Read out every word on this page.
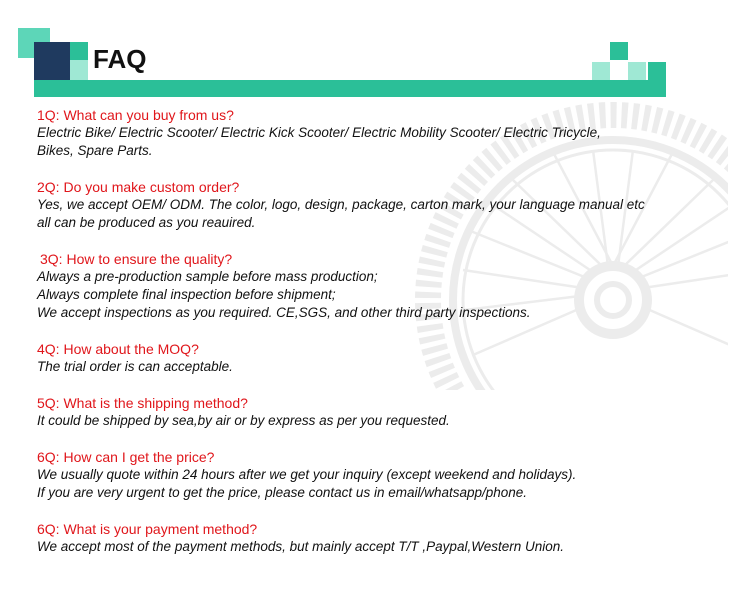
FAQ
1Q: What can you buy from us?
Electric Bike/ Electric Scooter/ Electric Kick Scooter/ Electric Mobility Scooter/ Electric Tricycle,
Bikes, Spare Parts.
2Q: Do you make custom order?
Yes, we accept OEM/ ODM. The color, logo, design, package, carton mark, your language manual etc
all can be produced as you reauired.
3Q: How to ensure the quality?
Always a pre-production sample before mass production;
Always complete final inspection before shipment;
We accept inspections as you required. CE,SGS, and other third party inspections.
4Q: How about the MOQ?
The trial order is can acceptable.
5Q: What is the shipping method?
It could be shipped by sea,by air or by express as per you requested.
6Q: How can I get the price?
We usually quote within 24 hours after we get your inquiry (except weekend and holidays).
If you are very urgent to get the price, please contact us in email/whatsapp/phone.
6Q: What is your payment method?
We accept most of the payment methods, but mainly accept T/T ,Paypal,Western Union.
